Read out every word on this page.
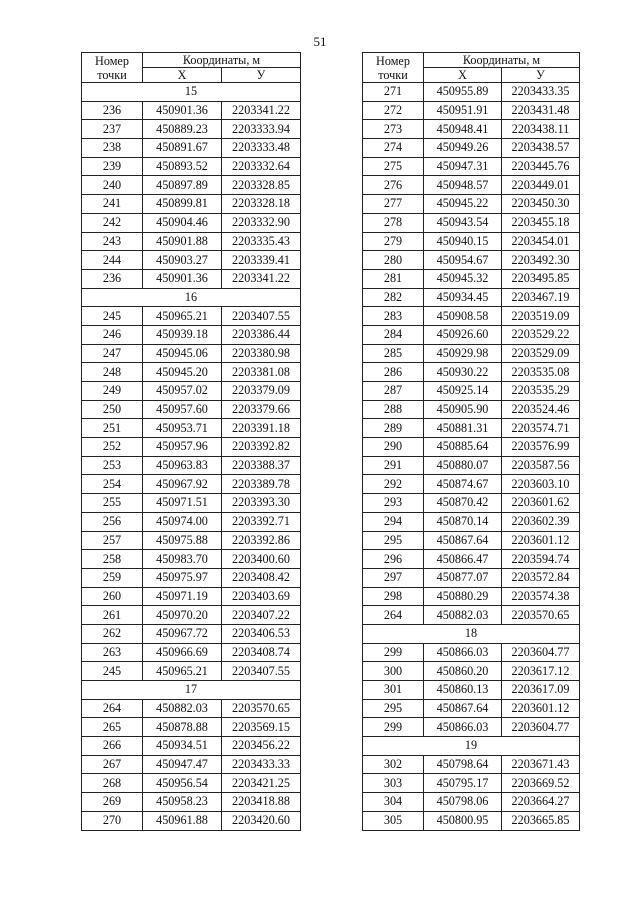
51
Номер
точки	Координаты, м	
	X	У
15		
236	450901.36	2203341.22
237	450889.23	2203333.94
238	450891.67	2203333.48
239	450893.52	2203332.64
240	450897.89	2203328.85
241	450899.81	2203328.18
242	450904.46	2203332.90
243	450901.88	2203335.43
244	450903.27	2203339.41
236	450901.36	2203341.22
16		
245	450965.21	2203407.55
246	450939.18	2203386.44
247	450945.06	2203380.98
248	450945.20	2203381.08
249	450957.02	2203379.09
250	450957.60	2203379.66
251	450953.71	2203391.18
252	450957.96	2203392.82
253	450963.83	2203388.37
254	450967.92	2203389.78
255	450971.51	2203393.30
256	450974.00	2203392.71
257	450975.88	2203392.86
258	450983.70	2203400.60
259	450975.97	2203408.42
260	450971.19	2203403.69
261	450970.20	2203407.22
262	450967.72	2203406.53
263	450966.69	2203408.74
245	450965.21	2203407.55
17		
264	450882.03	2203570.65
265	450878.88	2203569.15
266	450934.51	2203456.22
267	450947.47	2203433.33
268	450956.54	2203421.25
269	450958.23	2203418.88
270	450961.88	2203420.60
Номер
точки	Координаты, м	
	X	У
271	450955.89	2203433.35
272	450951.91	2203431.48
273	450948.41	2203438.11
274	450949.26	2203438.57
275	450947.31	2203445.76
276	450948.57	2203449.01
277	450945.22	2203450.30
278	450943.54	2203455.18
279	450940.15	2203454.01
280	450954.67	2203492.30
281	450945.32	2203495.85
282	450934.45	2203467.19
283	450908.58	2203519.09
284	450926.60	2203529.22
285	450929.98	2203529.09
286	450930.22	2203535.08
287	450925.14	2203535.29
288	450905.90	2203524.46
289	450881.31	2203574.71
290	450885.64	2203576.99
291	450880.07	2203587.56
292	450874.67	2203603.10
293	450870.42	2203601.62
294	450870.14	2203602.39
295	450867.64	2203601.12
296	450866.47	2203594.74
297	450877.07	2203572.84
298	450880.29	2203574.38
264	450882.03	2203570.65
18		
299	450866.03	2203604.77
300	450860.20	2203617.12
301	450860.13	2203617.09
295	450867.64	2203601.12
299	450866.03	2203604.77
19		
302	450798.64	2203671.43
303	450795.17	2203669.52
304	450798.06	2203664.27
305	450800.95	2203665.85
